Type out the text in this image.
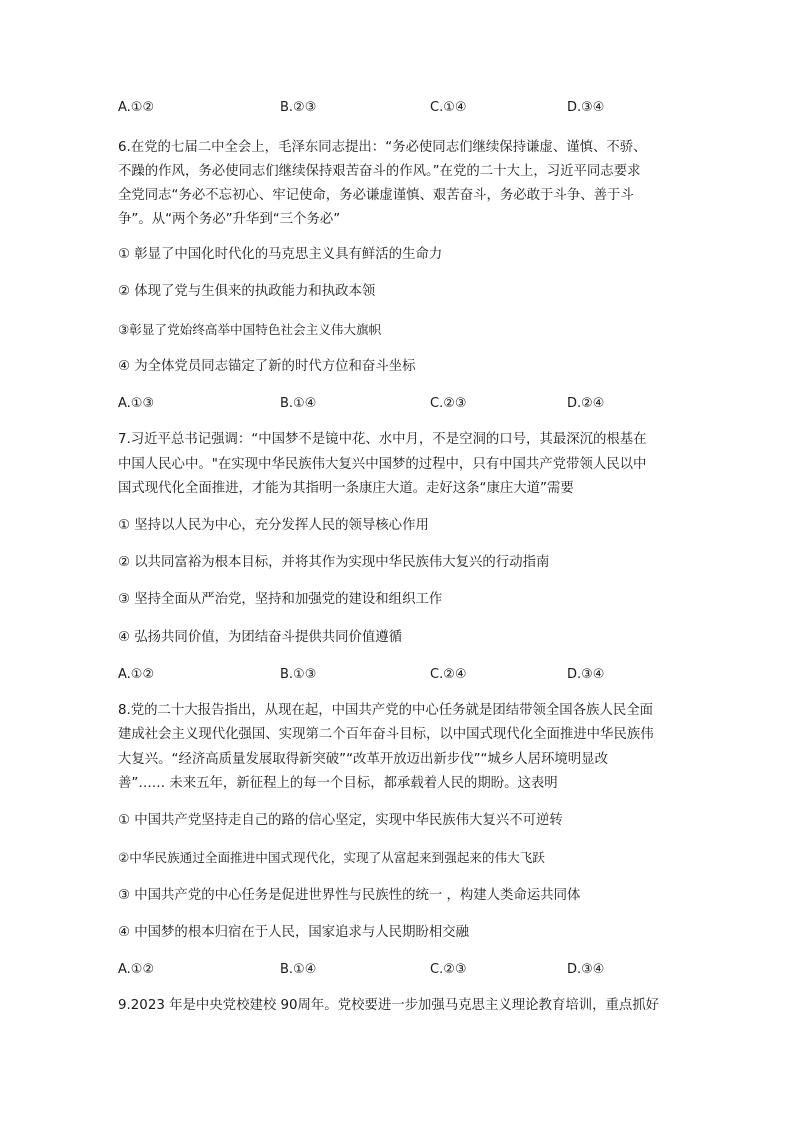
A.①②	B.②③	C.①④	D.③④
6.在党的七届二中全会上，毛泽东同志提出：“务必使同志们继续保持谦虚、谨慎、不骄、
不躁的作风，务必使同志们继续保持艰苦奋斗的作风。”在党的二十大上，习近平同志要求
全党同志“务必不忘初心、牢记使命，务必谦虚谨慎、艰苦奋斗，务必敢于斗争、善于斗
争”。从“两个务必”升华到“三个务必”
① 彰显了中国化时代化的马克思主义具有鲜活的生命力
② 体现了党与生俱来的执政能力和执政本领
③彰显了党始终高举中国特色社会主义伟大旗帜
④ 为全体党员同志锚定了新的时代方位和奋斗坐标
A.①③	B.①④	C.②③	D.②④
7.习近平总书记强调：“中国梦不是镜中花、水中月，不是空洞的口号，其最深沉的根基在
中国人民心中。"在实现中华民族伟大复兴中国梦的过程中，只有中国共产党带领人民以中
国式现代化全面推进，才能为其指明一条康庄大道。走好这条“康庄大道”需要
① 坚持以人民为中心，充分发挥人民的领导核心作用
② 以共同富裕为根本目标，并将其作为实现中华民族伟大复兴的行动指南
③ 坚持全面从严治党，坚持和加强党的建设和组织工作
④ 弘扬共同价值，为团结奋斗提供共同价值遵循
A.①②	B.①③	C.②④	D.③④
8.党的二十大报告指出，从现在起，中国共产党的中心任务就是团结带领全国各族人民全面
建成社会主义现代化强国、实现第二个百年奋斗目标，以中国式现代化全面推进中华民族伟
大复兴。“经济高质量发展取得新突破”“改革开放迈出新步伐”“城乡人居环境明显改
善”…… 未来五年，新征程上的每一个目标，都承载着人民的期盼。这表明
① 中国共产党坚持走自己的路的信心坚定，实现中华民族伟大复兴不可逆转
②中华民族通过全面推进中国式现代化，实现了从富起来到强起来的伟大飞跃
③ 中国共产党的中心任务是促进世界性与民族性的统一 ，构建人类命运共同体
④ 中国梦的根本归宿在于人民，国家追求与人民期盼相交融
A.①②	B.①④	C.②③	D.③④
9.2023 年是中央党校建校 90周年。党校要进一步加强马克思主义理论教育培训，重点抓好
